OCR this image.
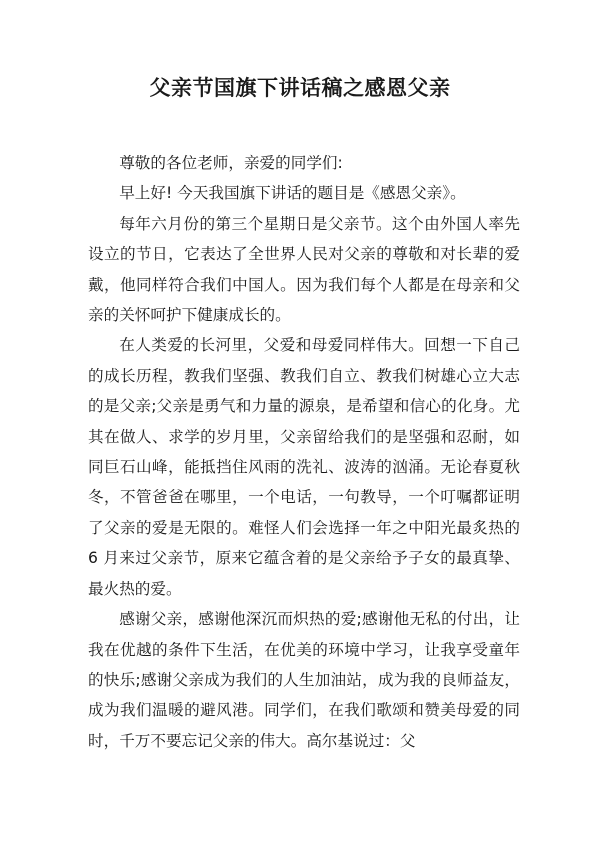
父亲节国旗下讲话稿之感恩父亲

尊敬的各位老师，亲爱的同学们:

早上好! 今天我国旗下讲话的题目是《感恩父亲》。

每年六月份的第三个星期日是父亲节。这个由外国人率先设立的节日，它表达了全世界人民对父亲的尊敬和对长辈的爱戴，他同样符合我们中国人。因为我们每个人都是在母亲和父亲的关怀呵护下健康成长的。

在人类爱的长河里，父爱和母爱同样伟大。回想一下自己的成长历程，教我们坚强、教我们自立、教我们树雄心立大志的是父亲;父亲是勇气和力量的源泉，是希望和信心的化身。尤其在做人、求学的岁月里，父亲留给我们的是坚强和忍耐，如同巨石山峰，能抵挡住风雨的洗礼、波涛的汹涌。无论春夏秋冬，不管爸爸在哪里，一个电话，一句教导，一个叮嘱都证明了父亲的爱是无限的。难怪人们会选择一年之中阳光最炙热的 6 月来过父亲节，原来它蕴含着的是父亲给予子女的最真挚、最火热的爱。

感谢父亲，感谢他深沉而炽热的爱;感谢他无私的付出，让我在优越的条件下生活，在优美的环境中学习，让我享受童年的快乐;感谢父亲成为我们的人生加油站，成为我的良师益友，成为我们温暖的避风港。同学们，在我们歌颂和赞美母爱的同时，千万不要忘记父亲的伟大。高尔基说过：父
